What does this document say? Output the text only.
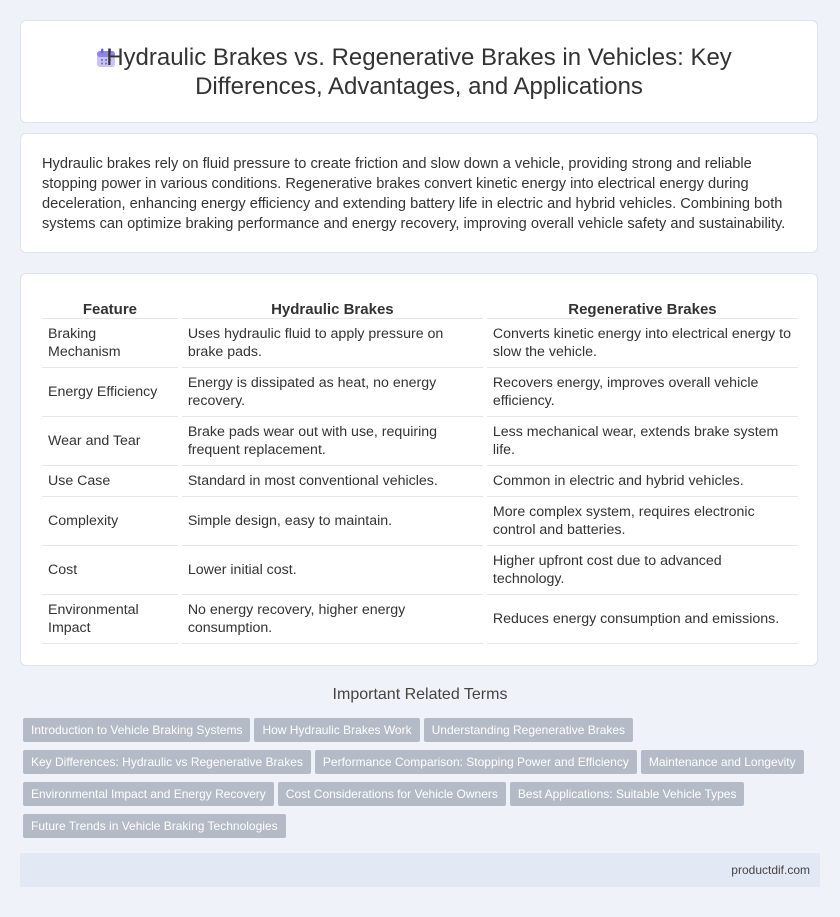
Hydraulic Brakes vs. Regenerative Brakes in Vehicles: Key Differences, Advantages, and Applications
Hydraulic brakes rely on fluid pressure to create friction and slow down a vehicle, providing strong and reliable stopping power in various conditions. Regenerative brakes convert kinetic energy into electrical energy during deceleration, enhancing energy efficiency and extending battery life in electric and hybrid vehicles. Combining both systems can optimize braking performance and energy recovery, improving overall vehicle safety and sustainability.
Feature		Hydraulic Brakes		Regenerative Brakes
Braking Mechanism		Uses hydraulic fluid to apply pressure on brake pads.		Converts kinetic energy into electrical energy to slow the vehicle.
Energy Efficiency		Energy is dissipated as heat, no energy recovery.		Recovers energy, improves overall vehicle efficiency.
Wear and Tear		Brake pads wear out with use, requiring frequent replacement.		Less mechanical wear, extends brake system life.
Use Case		Standard in most conventional vehicles.		Common in electric and hybrid vehicles.
Complexity		Simple design, easy to maintain.		More complex system, requires electronic control and batteries.
Cost		Lower initial cost.		Higher upfront cost due to advanced technology.
Environmental Impact		No energy recovery, higher energy consumption.		Reduces energy consumption and emissions.
Important Related Terms
Introduction to Vehicle Braking Systems How Hydraulic Brakes Work Understanding Regenerative Brakes
Key Differences: Hydraulic vs Regenerative Brakes Performance Comparison: Stopping Power and Efficiency Maintenance and Longevity
Environmental Impact and Energy Recovery Cost Considerations for Vehicle Owners Best Applications: Suitable Vehicle Types
Future Trends in Vehicle Braking Technologies
productdif.com
